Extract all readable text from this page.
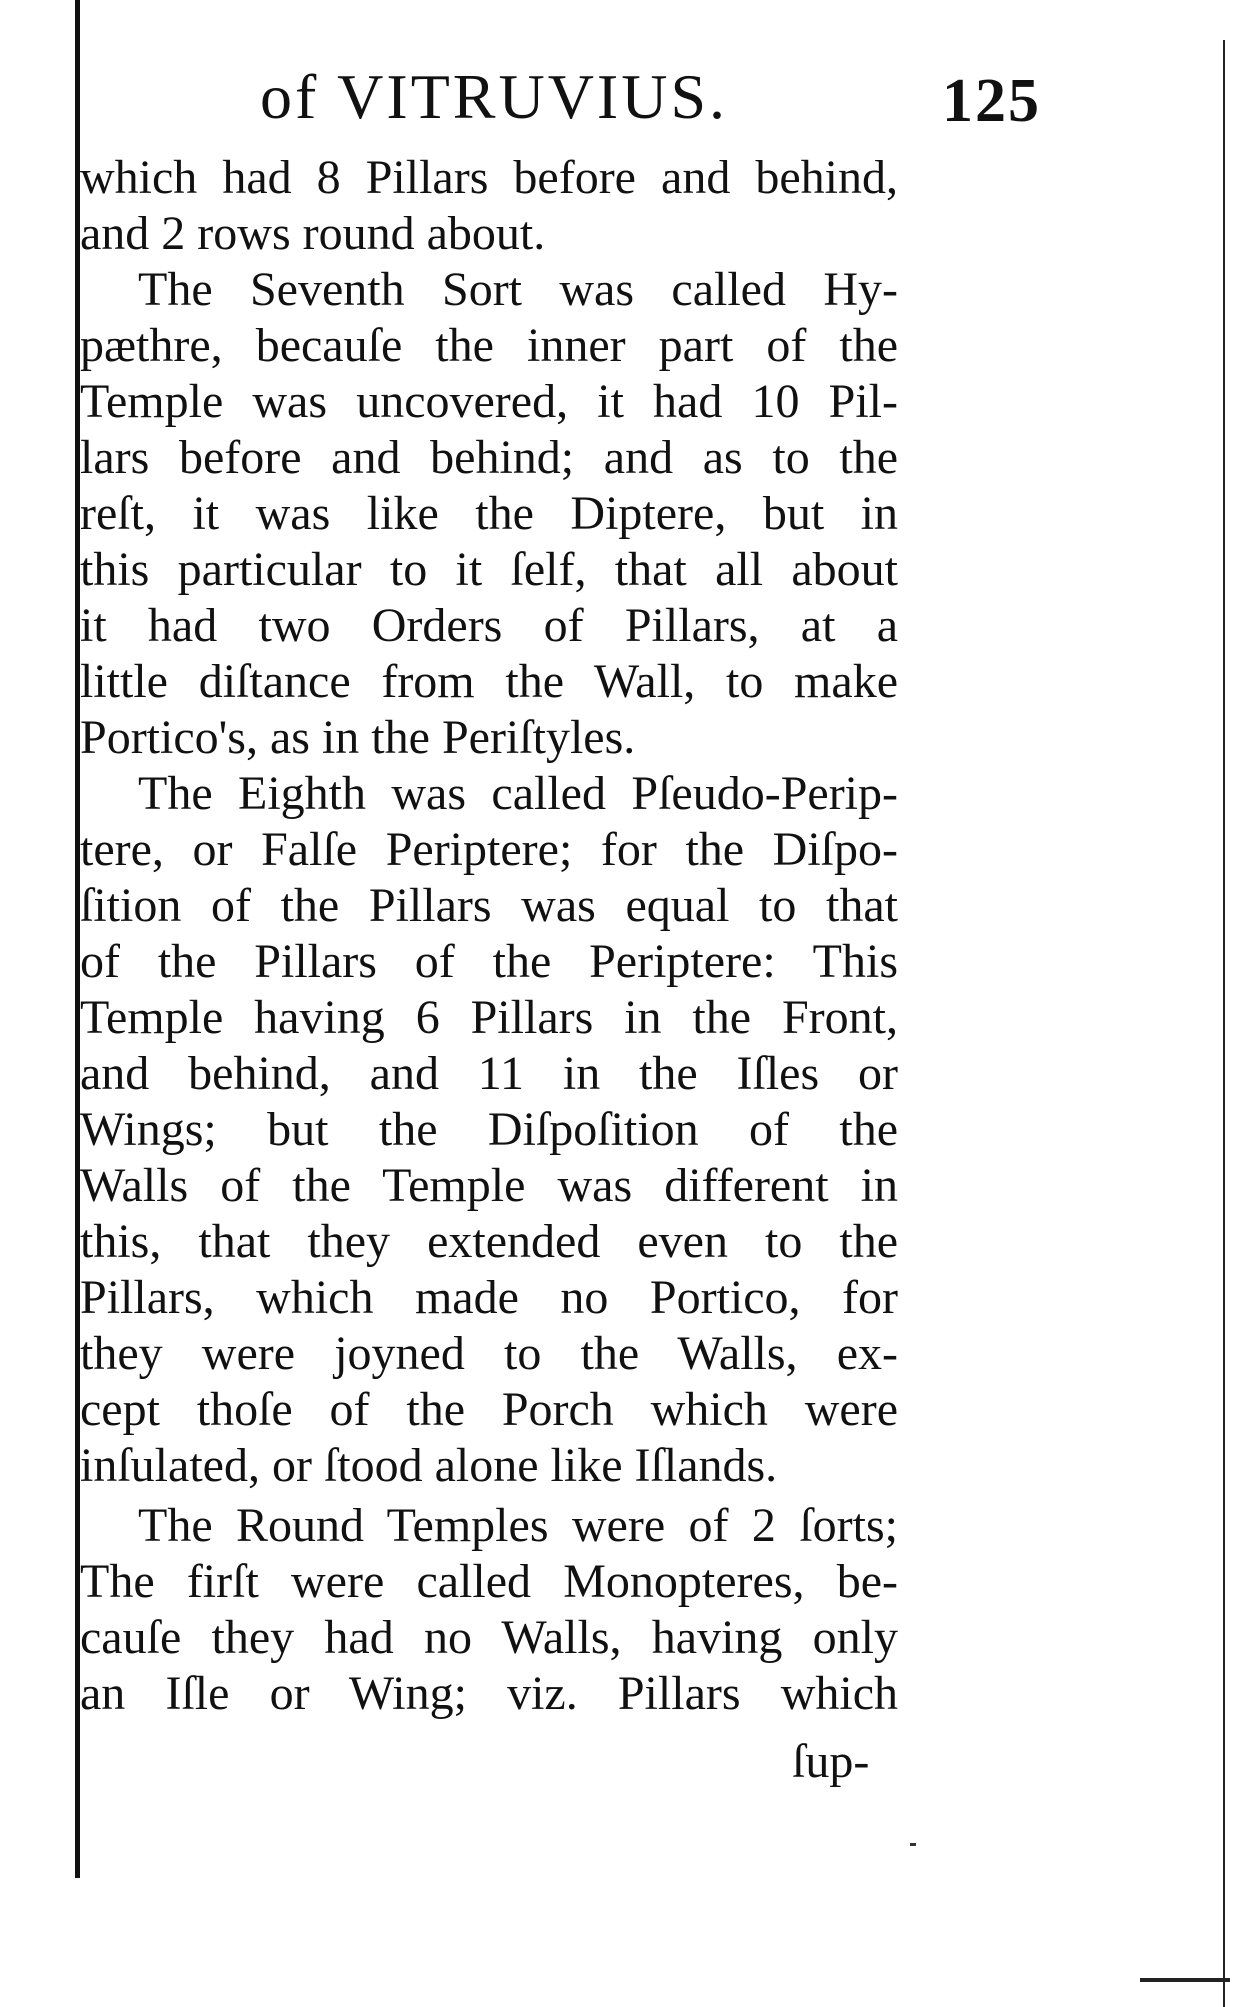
of VITRUVIUS.	125
which had 8 Pillars before and behind,
and 2 rows round about.
The Seventh Sort was called Hy-
pæthre, becauſe the inner part of the
Temple was uncovered, it had 10 Pil-
lars before and behind; and as to the
reſt, it was like the Diptere, but in
this particular to it ſelf, that all about
it had two Orders of Pillars, at a
little diſtance from the Wall, to make
Portico's, as in the Periſtyles.
The Eighth was called Pſeudo-Perip-
tere, or Falſe Periptere; for the Diſpo-
ſition of the Pillars was equal to that
of the Pillars of the Periptere: This
Temple having 6 Pillars in the Front,
and behind, and 11 in the Iſles or
Wings; but the Diſpoſition of the
Walls of the Temple was different in
this, that they extended even to the
Pillars, which made no Portico, for
they were joyned to the Walls, ex-
cept thoſe of the Porch which were
inſulated, or ſtood alone like Iſlands.
The Round Temples were of 2 ſorts;
The firſt were called Monopteres, be-
cauſe they had no Walls, having only
an Iſle or Wing; viz. Pillars which
ſup-
